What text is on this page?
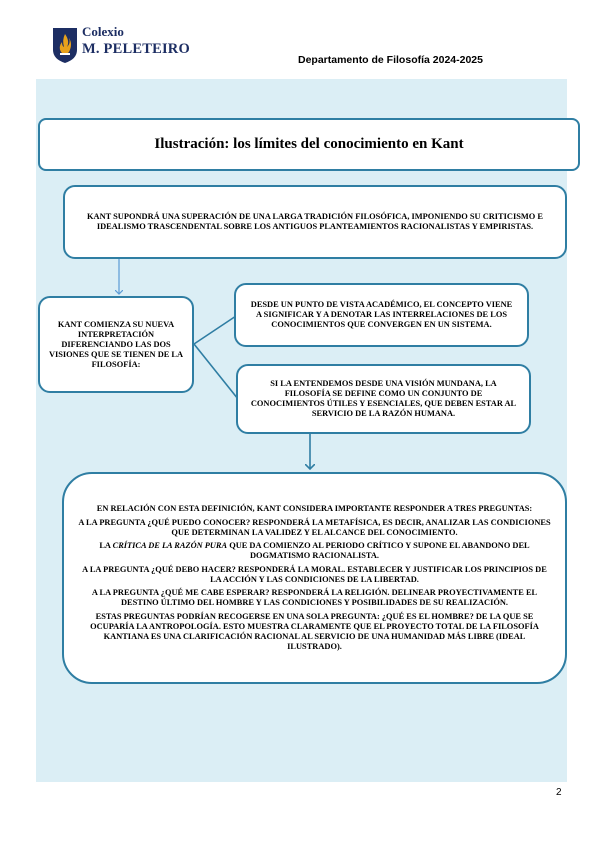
Colexio
M. PELETEIRO
Departamento de Filosofía 2024-2025
Ilustración: los límites del conocimiento en Kant
KANT SUPONDRÁ UNA SUPERACIÓN DE UNA LARGA TRADICIÓN FILOSÓFICA, IMPONIENDO SU CRITICISMO E IDEALISMO TRASCENDENTAL SOBRE LOS ANTIGUOS PLANTEAMIENTOS RACIONALISTAS Y EMPIRISTAS.
KANT COMIENZA SU NUEVA INTERPRETACIÓN DIFERENCIANDO LAS DOS VISIONES QUE SE TIENEN DE LA FILOSOFÍA:
DESDE UN PUNTO DE VISTA ACADÉMICO, EL CONCEPTO VIENE A SIGNIFICAR Y A DENOTAR LAS INTERRELACIONES DE LOS CONOCIMIENTOS QUE CONVERGEN EN UN SISTEMA.
SI LA ENTENDEMOS DESDE UNA VISIÓN MUNDANA, LA FILOSOFÍA SE DEFINE COMO UN CONJUNTO DE CONOCIMIENTOS ÚTILES Y ESENCIALES, QUE DEBEN ESTAR AL SERVICIO DE LA RAZÓN HUMANA.

EN RELACIÓN CON ESTA DEFINICIÓN, KANT CONSIDERA IMPORTANTE RESPONDER A TRES PREGUNTAS:

A LA PREGUNTA ¿QUÉ PUEDO CONOCER? RESPONDERÁ LA METAFÍSICA, ES DECIR, ANALIZAR LAS CONDICIONES QUE DETERMINAN LA VALIDEZ Y EL ALCANCE DEL CONOCIMIENTO.

LA CRÍTICA DE LA RAZÓN PURA QUE DA COMIENZO AL PERIODO CRÍTICO Y SUPONE EL ABANDONO DEL DOGMATISMO RACIONALISTA.

A LA PREGUNTA ¿QUÉ DEBO HACER? RESPONDERÁ LA MORAL. ESTABLECER Y JUSTIFICAR LOS PRINCIPIOS DE LA ACCIÓN Y LAS CONDICIONES DE LA LIBERTAD.

A LA PREGUNTA ¿QUÉ ME CABE ESPERAR? RESPONDERÁ LA RELIGIÓN. DELINEAR PROYECTIVAMENTE EL DESTINO ÚLTIMO DEL HOMBRE Y LAS CONDICIONES Y POSIBILIDADES DE SU REALIZACIÓN.

ESTAS PREGUNTAS PODRÍAN RECOGERSE EN UNA SOLA PREGUNTA: ¿QUÉ ES EL HOMBRE? DE LA QUE SE OCUPARÍA LA ANTROPOLOGÍA. ESTO MUESTRA CLARAMENTE QUE EL PROYECTO TOTAL DE LA FILOSOFÍA KANTIANA ES UNA CLARIFICACIÓN RACIONAL AL SERVICIO DE UNA HUMANIDAD MÁS LIBRE (IDEAL ILUSTRADO).

2
